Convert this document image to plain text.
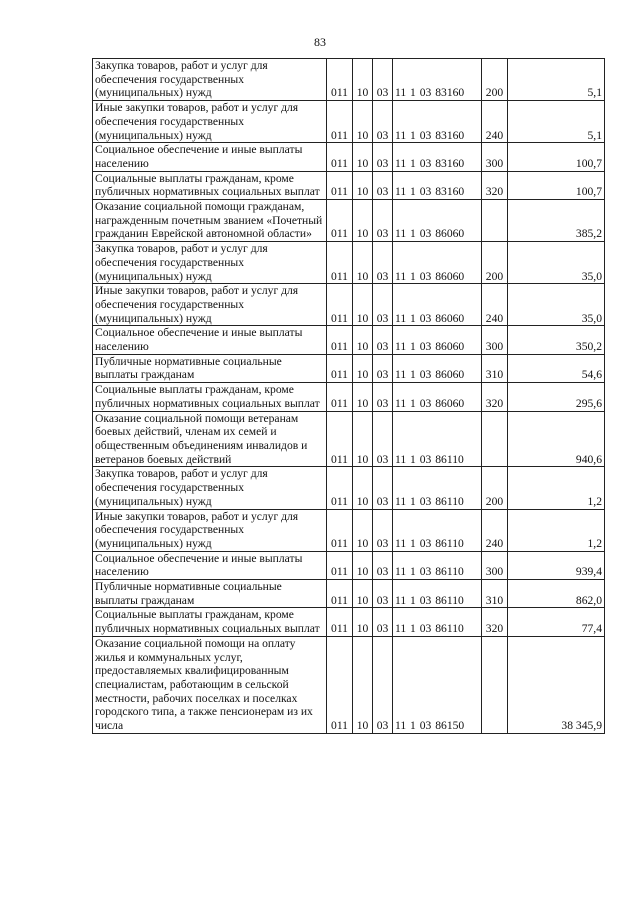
83
Закупка товаров, работ и услуг для обеспечения государственных (муниципальных) нужд	011	10	03	11 1 03 83160	200	5,1
Иные закупки товаров, работ и услуг для обеспечения государственных (муниципальных) нужд	011	10	03	11 1 03 83160	240	5,1
Социальное обеспечение и иные выплаты населению	011	10	03	11 1 03 83160	300	100,7
Социальные выплаты гражданам, кроме публичных нормативных социальных выплат	011	10	03	11 1 03 83160	320	100,7
Оказание социальной помощи гражданам, награжденным почетным званием «Почетный гражданин Еврейской автономной области»	011	10	03	11 1 03 86060		385,2
Закупка товаров, работ и услуг для обеспечения государственных (муниципальных) нужд	011	10	03	11 1 03 86060	200	35,0
Иные закупки товаров, работ и услуг для обеспечения государственных (муниципальных) нужд	011	10	03	11 1 03 86060	240	35,0
Социальное обеспечение и иные выплаты населению	011	10	03	11 1 03 86060	300	350,2
Публичные нормативные социальные выплаты гражданам	011	10	03	11 1 03 86060	310	54,6
Социальные выплаты гражданам, кроме публичных нормативных социальных выплат	011	10	03	11 1 03 86060	320	295,6
Оказание социальной помощи ветеранам боевых действий, членам их семей и общественным объединениям инвалидов и ветеранов боевых действий	011	10	03	11 1 03 86110		940,6
Закупка товаров, работ и услуг для обеспечения государственных (муниципальных) нужд	011	10	03	11 1 03 86110	200	1,2
Иные закупки товаров, работ и услуг для обеспечения государственных (муниципальных) нужд	011	10	03	11 1 03 86110	240	1,2
Социальное обеспечение и иные выплаты населению	011	10	03	11 1 03 86110	300	939,4
Публичные нормативные социальные выплаты гражданам	011	10	03	11 1 03 86110	310	862,0
Социальные выплаты гражданам, кроме публичных нормативных социальных выплат	011	10	03	11 1 03 86110	320	77,4
Оказание социальной помощи на оплату жилья и коммунальных услуг, предоставляемых квалифицированным специалистам, работающим в сельской местности, рабочих поселках и поселках городского типа, а также пенсионерам из их числа	011	10	03	11 1 03 86150		38 345,9
